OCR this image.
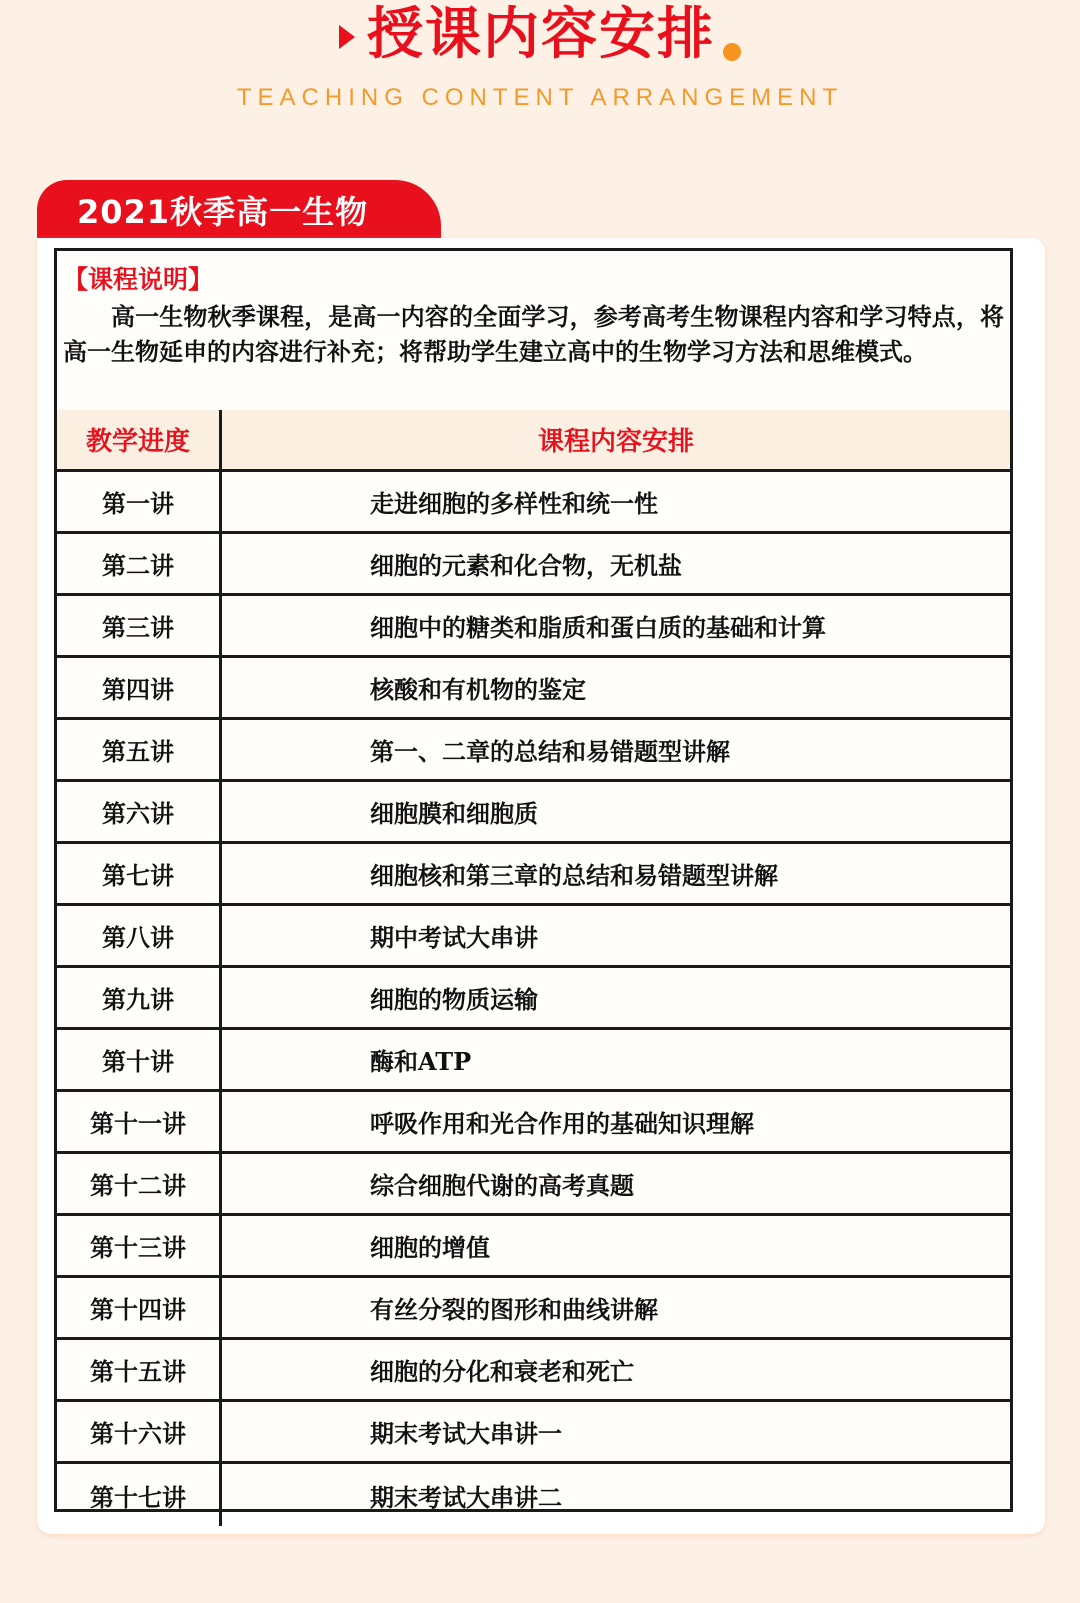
授课内容安排
TEACHING CONTENT ARRANGEMENT
2021秋季高一生物
【课程说明】

高一生物秋季课程，是高一内容的全面学习，参考高考生物课程内容和学习特点，将高一生物延申的内容进行补充；将帮助学生建立高中的生物学习方法和思维模式。

教学进度	课程内容安排
第一讲	走进细胞的多样性和统一性
第二讲	细胞的元素和化合物，无机盐
第三讲	细胞中的糖类和脂质和蛋白质的基础和计算
第四讲	核酸和有机物的鉴定
第五讲	第一、二章的总结和易错题型讲解
第六讲	细胞膜和细胞质
第七讲	细胞核和第三章的总结和易错题型讲解
第八讲	期中考试大串讲
第九讲	细胞的物质运输
第十讲	酶和ATP
第十一讲	呼吸作用和光合作用的基础知识理解
第十二讲	综合细胞代谢的高考真题
第十三讲	细胞的增值
第十四讲	有丝分裂的图形和曲线讲解
第十五讲	细胞的分化和衰老和死亡
第十六讲	期末考试大串讲一
第十七讲	期末考试大串讲二
